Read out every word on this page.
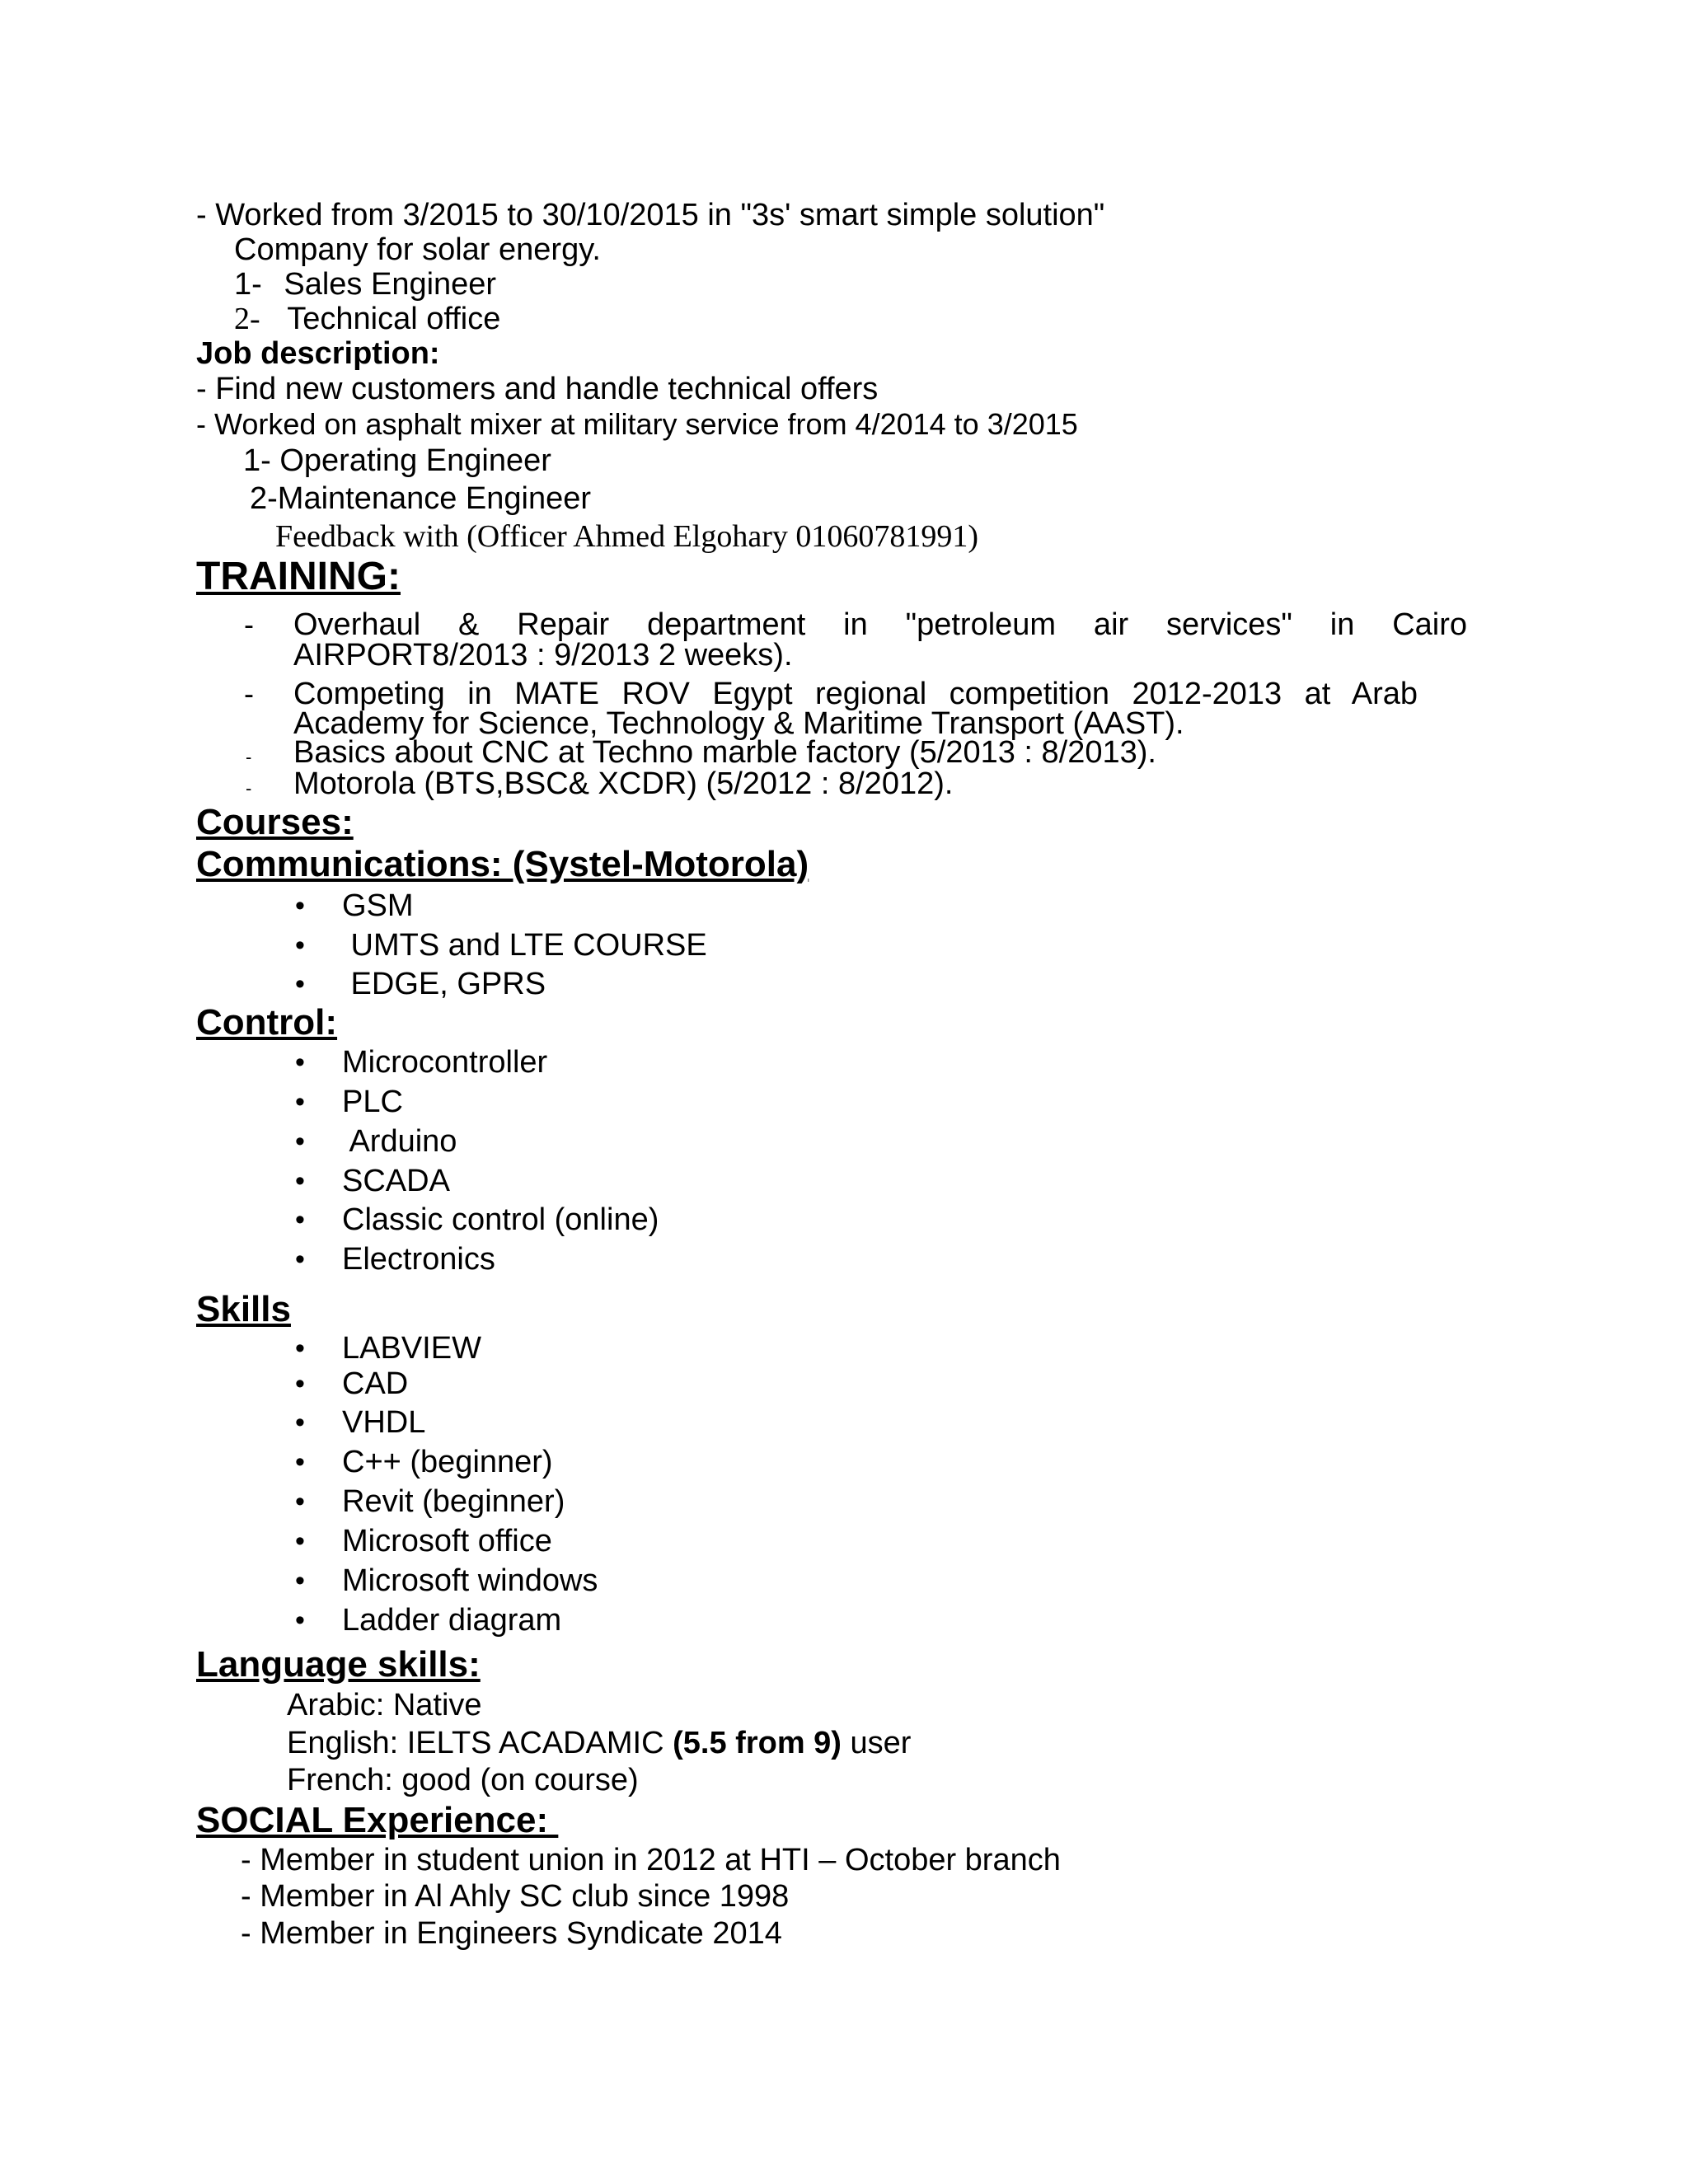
- Worked from 3/2015 to 30/10/2015 in "3s' smart simple solution"
Company for solar energy.
1- Sales Engineer
2- Technical office
Job description:
- Find new customers and handle technical offers
- Worked on asphalt mixer at military service from 4/2014 to 3/2015
1- Operating Engineer
2-Maintenance Engineer
Feedback with (Officer Ahmed Elgohary 01060781991)
TRAINING:
- Overhaul & Repair department in "petroleum air services" in Cairo
AIRPORT8/2013 : 9/2013 2 weeks).
- Competing in MATE ROV Egypt regional competition 2012-2013 at Arab
Academy for Science, Technology & Maritime Transport (AAST).
- Basics about CNC at Techno marble factory (5/2013 : 8/2013).
- Motorola (BTS,BSC& XCDR) (5/2012 : 8/2012).
Courses:
Communications: (Systel-Motorola)
• GSM
• UMTS and LTE COURSE
• EDGE, GPRS
Control:
• Microcontroller
• PLC
• Arduino
• SCADA
• Classic control (online)
• Electronics
Skills
• LABVIEW
• CAD
• VHDL
• C++ (beginner)
• Revit (beginner)
• Microsoft office
• Microsoft windows
• Ladder diagram
Language skills:
Arabic: Native
English: IELTS ACADAMIC (5.5 from 9) user
French: good (on course)
SOCIAL Experience:
- Member in student union in 2012 at HTI – October branch
- Member in Al Ahly SC club since 1998
- Member in Engineers Syndicate 2014
